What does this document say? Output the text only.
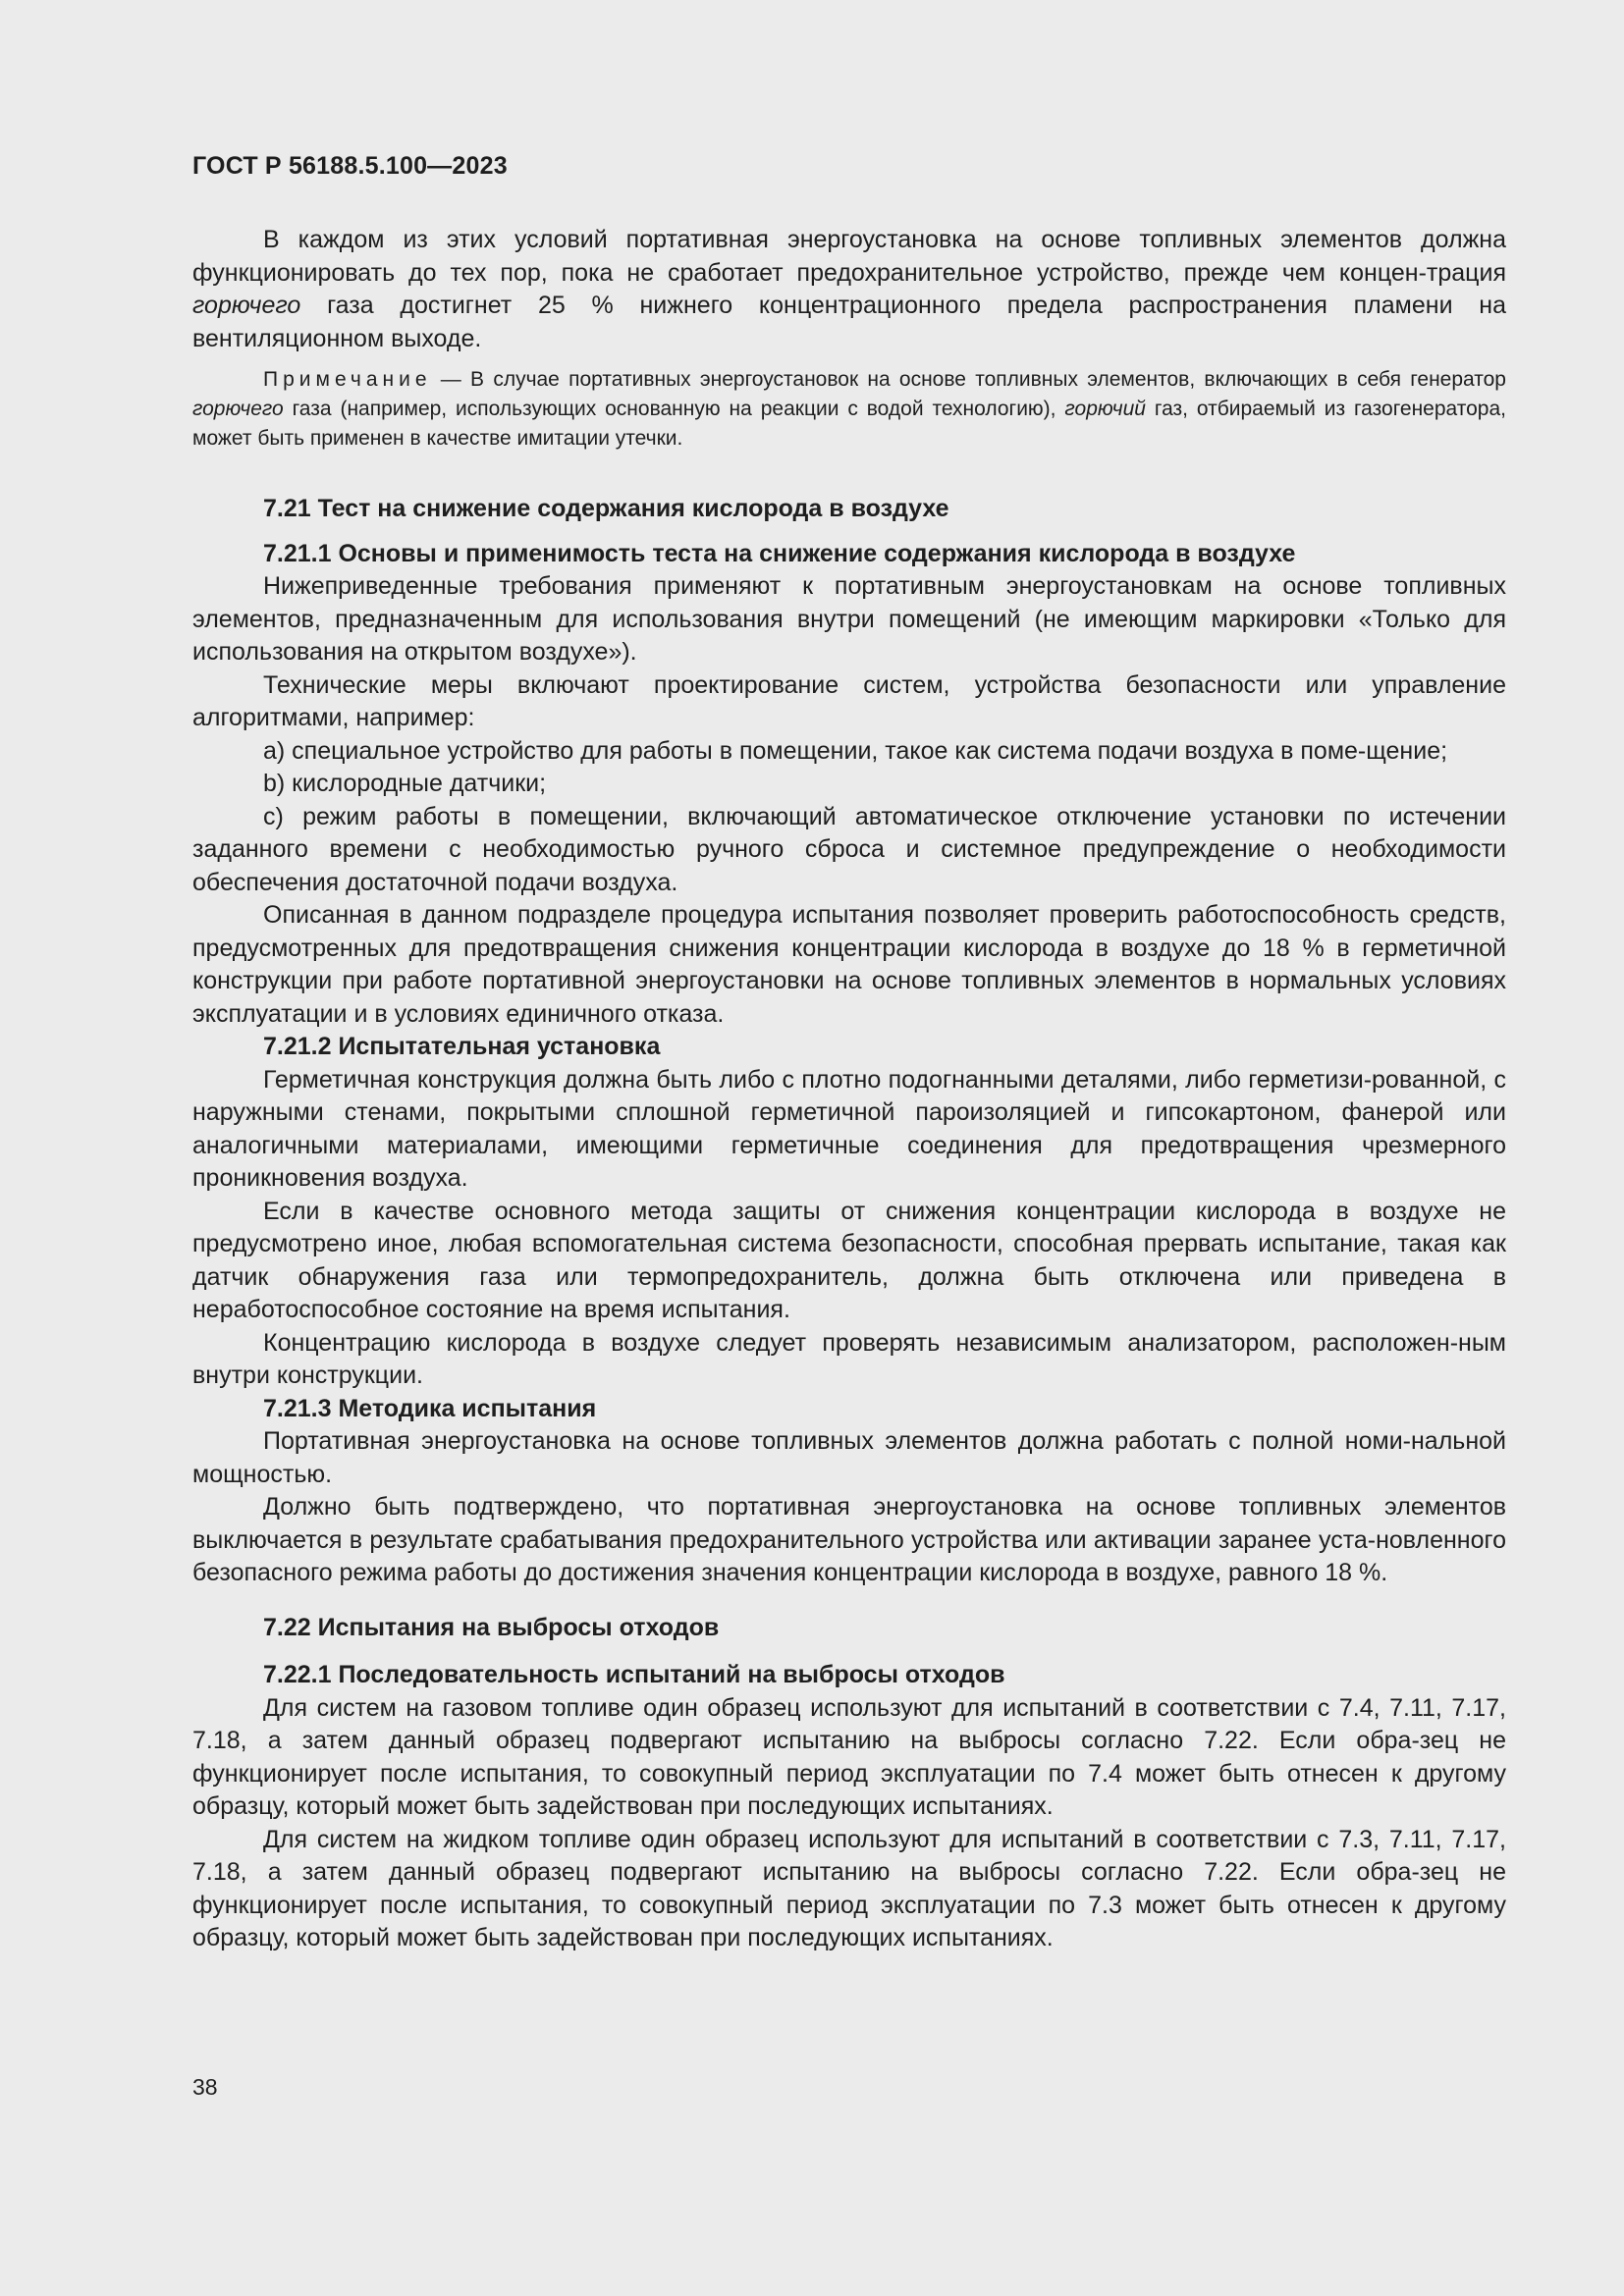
ГОСТ Р 56188.5.100—2023

В каждом из этих условий портативная энергоустановка на основе топливных элементов должна функционировать до тех пор, пока не сработает предохранительное устройство, прежде чем концен-трация горючего газа достигнет 25 % нижнего концентрационного предела распространения пламени на вентиляционном выходе.

Примечание — В случае портативных энергоустановок на основе топливных элементов, включающих в себя генератор горючего газа (например, использующих основанную на реакции с водой технологию), горючий газ, отбираемый из газогенератора, может быть применен в качестве имитации утечки.

7.21 Тест на снижение содержания кислорода в воздухе
7.21.1 Основы и применимость теста на снижение содержания кислорода в воздухе

Нижеприведенные требования применяют к портативным энергоустановкам на основе топливных элементов, предназначенным для использования внутри помещений (не имеющим маркировки «Только для использования на открытом воздухе»).

Технические меры включают проектирование систем, устройства безопасности или управление алгоритмами, например:

a) специальное устройство для работы в помещении, такое как система подачи воздуха в поме-щение;

b) кислородные датчики;

c) режим работы в помещении, включающий автоматическое отключение установки по истечении заданного времени с необходимостью ручного сброса и системное предупреждение о необходимости обеспечения достаточной подачи воздуха.

Описанная в данном подразделе процедура испытания позволяет проверить работоспособность средств, предусмотренных для предотвращения снижения концентрации кислорода в воздухе до 18 % в герметичной конструкции при работе портативной энергоустановки на основе топливных элементов в нормальных условиях эксплуатации и в условиях единичного отказа.

7.21.2 Испытательная установка

Герметичная конструкция должна быть либо с плотно подогнанными деталями, либо герметизи-рованной, с наружными стенами, покрытыми сплошной герметичной пароизоляцией и гипсокартоном, фанерой или аналогичными материалами, имеющими герметичные соединения для предотвращения чрезмерного проникновения воздуха.

Если в качестве основного метода защиты от снижения концентрации кислорода в воздухе не предусмотрено иное, любая вспомогательная система безопасности, способная прервать испытание, такая как датчик обнаружения газа или термопредохранитель, должна быть отключена или приведена в неработоспособное состояние на время испытания.

Концентрацию кислорода в воздухе следует проверять независимым анализатором, расположен-ным внутри конструкции.

7.21.3 Методика испытания

Портативная энергоустановка на основе топливных элементов должна работать с полной номи-нальной мощностью.

Должно быть подтверждено, что портативная энергоустановка на основе топливных элементов выключается в результате срабатывания предохранительного устройства или активации заранее уста-новленного безопасного режима работы до достижения значения концентрации кислорода в воздухе, равного 18 %.

7.22 Испытания на выбросы отходов
7.22.1 Последовательность испытаний на выбросы отходов

Для систем на газовом топливе один образец используют для испытаний в соответствии с 7.4, 7.11, 7.17, 7.18, а затем данный образец подвергают испытанию на выбросы согласно 7.22. Если обра-зец не функционирует после испытания, то совокупный период эксплуатации по 7.4 может быть отнесен к другому образцу, который может быть задействован при последующих испытаниях.

Для систем на жидком топливе один образец используют для испытаний в соответствии с 7.3, 7.11, 7.17, 7.18, а затем данный образец подвергают испытанию на выбросы согласно 7.22. Если обра-зец не функционирует после испытания, то совокупный период эксплуатации по 7.3 может быть отнесен к другому образцу, который может быть задействован при последующих испытаниях.

38
